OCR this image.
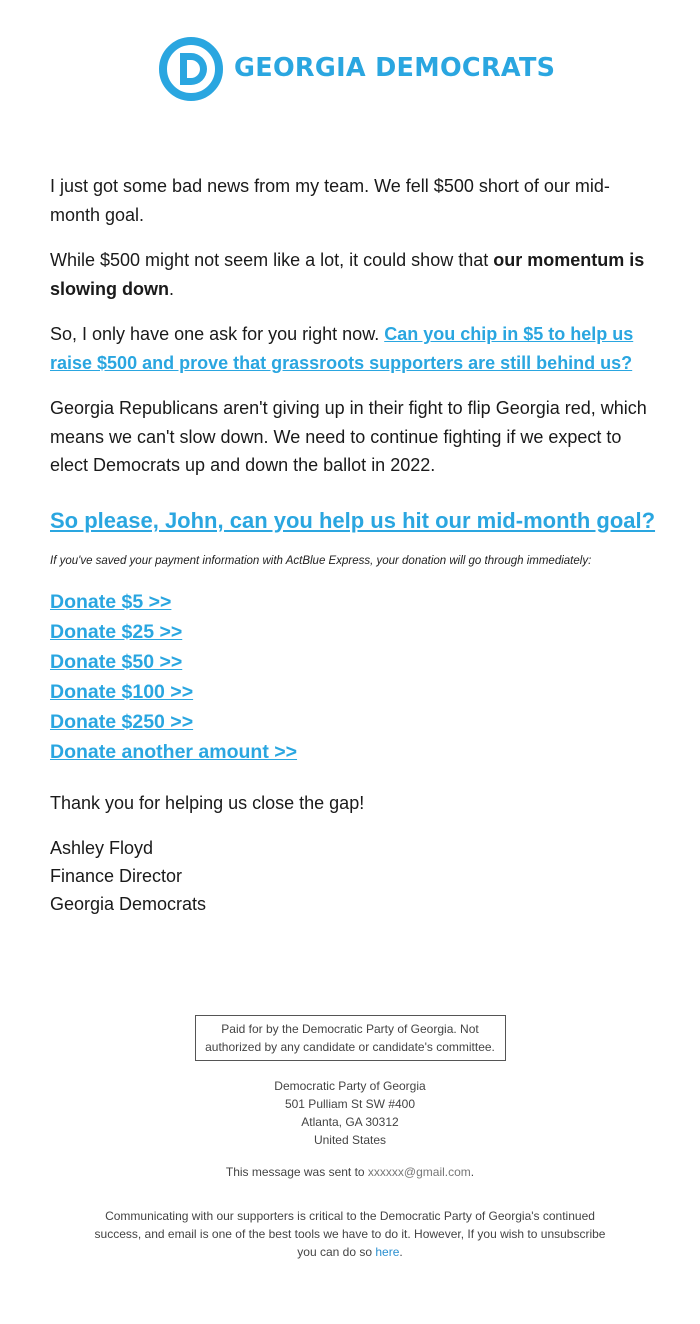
GEORGIA DEMOCRATS

I just got some bad news from my team. We fell $500 short of our mid-month goal.

While $500 might not seem like a lot, it could show that our momentum is slowing down.

So, I only have one ask for you right now. Can you chip in $5 to help us raise $500 and prove that grassroots supporters are still behind us?

Georgia Republicans aren't giving up in their fight to flip Georgia red, which means we can't slow down. We need to continue fighting if we expect to elect Democrats up and down the ballot in 2022.

So please, John, can you help us hit our mid-month goal?
If you've saved your payment information with ActBlue Express, your donation will go through immediately:
Donate $5 >>
Donate $25 >>
Donate $50 >>
Donate $100 >>
Donate $250 >>
Donate another amount >>

Thank you for helping us close the gap!

Ashley Floyd
Finance Director
Georgia Democrats
Paid for by the Democratic Party of Georgia. Not authorized by any candidate or candidate's committee.
Democratic Party of Georgia
501 Pulliam St SW #400
Atlanta, GA 30312
United States
This message was sent to xxxxxx@gmail.com.
Communicating with our supporters is critical to the Democratic Party of Georgia's continued success, and email is one of the best tools we have to do it. However, If you wish to unsubscribe you can do so here.
